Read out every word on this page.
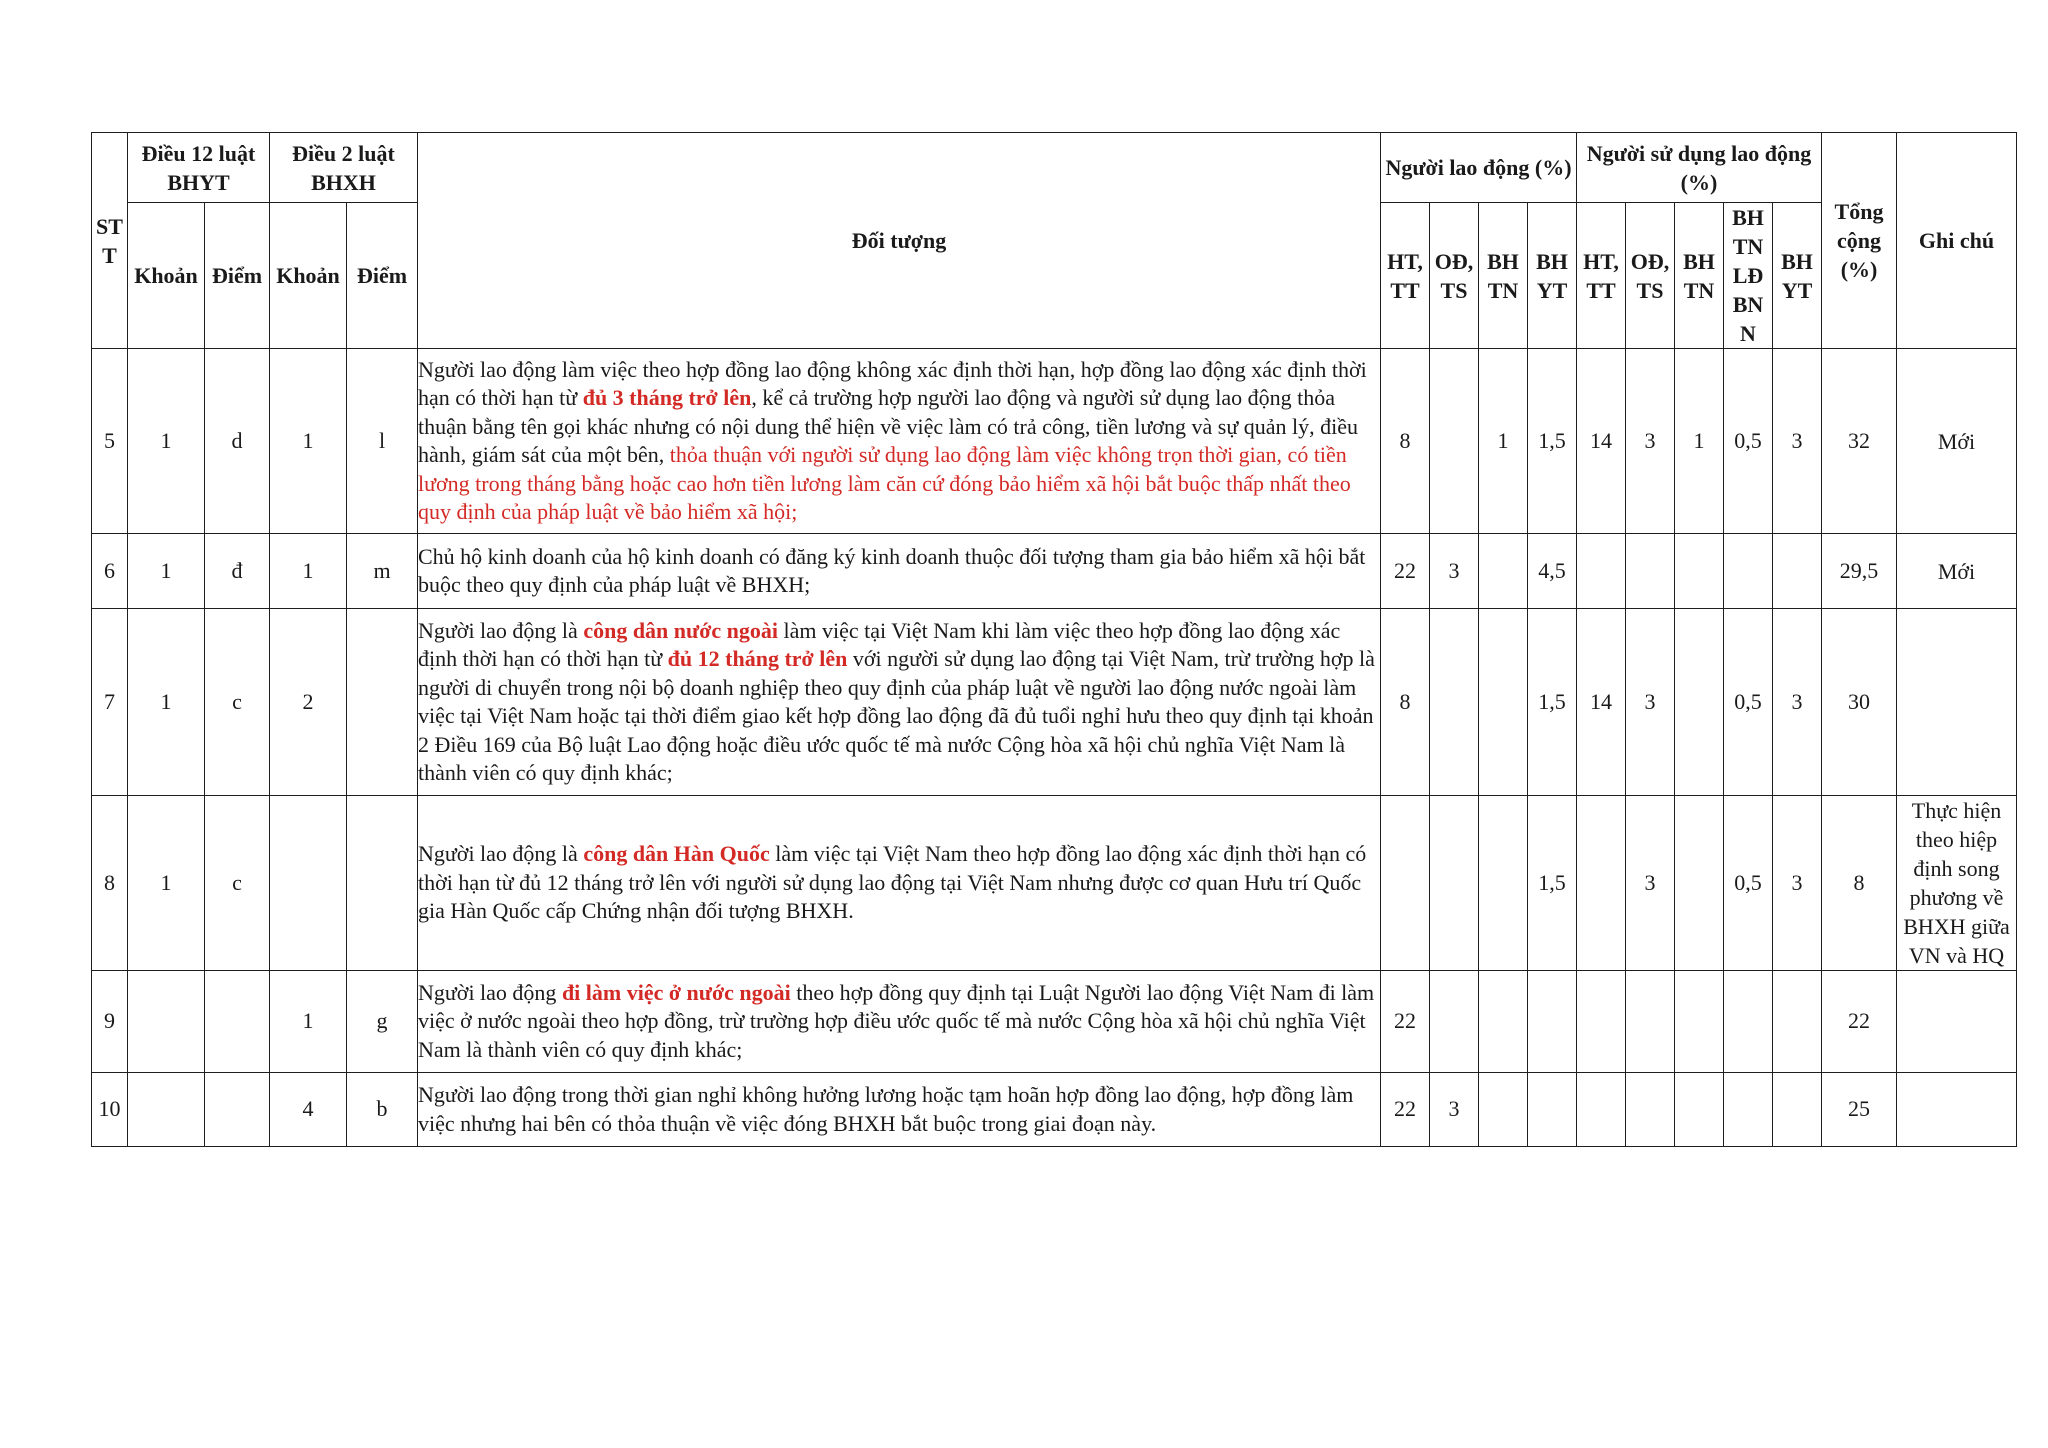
ST T	Điều 12 luật BHYT		Điều 2 luật BHXH		Đối tượng	Người lao động (%)				Người sử dụng lao động (%)					Tổng cộng (%)	Ghi chú
	Khoản	Điểm	Khoản	Điểm		HT, TT	OĐ, TS	BH TN	BH YT	HT, TT	OĐ, TS	BH TN	BH TN LĐ BN N	BH YT		
5	1	d	1	l	Người lao động làm việc theo hợp đồng lao động không xác định thời hạn, hợp đồng lao động xác định thời hạn có thời hạn từ đủ 3 tháng trở lên, kể cả trường hợp người lao động và người sử dụng lao động thỏa thuận bằng tên gọi khác nhưng có nội dung thể hiện về việc làm có trả công, tiền lương và sự quản lý, điều hành, giám sát của một bên, thỏa thuận với người sử dụng lao động làm việc không trọn thời gian, có tiền lương trong tháng bằng hoặc cao hơn tiền lương làm căn cứ đóng bảo hiểm xã hội bắt buộc thấp nhất theo quy định của pháp luật về bảo hiểm xã hội;	8		1	1,5	14	3	1	0,5	3	32	Mới
6	1	đ	1	m	Chủ hộ kinh doanh của hộ kinh doanh có đăng ký kinh doanh thuộc đối tượng tham gia bảo hiểm xã hội bắt buộc theo quy định của pháp luật về BHXH;	22	3		4,5						29,5	Mới
7	1	c	2		Người lao động là công dân nước ngoài làm việc tại Việt Nam khi làm việc theo hợp đồng lao động xác định thời hạn có thời hạn từ đủ 12 tháng trở lên với người sử dụng lao động tại Việt Nam, trừ trường hợp là người di chuyển trong nội bộ doanh nghiệp theo quy định của pháp luật về người lao động nước ngoài làm việc tại Việt Nam hoặc tại thời điểm giao kết hợp đồng lao động đã đủ tuổi nghỉ hưu theo quy định tại khoản 2 Điều 169 của Bộ luật Lao động hoặc điều ước quốc tế mà nước Cộng hòa xã hội chủ nghĩa Việt Nam là thành viên có quy định khác;	8			1,5	14	3		0,5	3	30	
8	1	c			Người lao động là công dân Hàn Quốc làm việc tại Việt Nam theo hợp đồng lao động xác định thời hạn có thời hạn từ đủ 12 tháng trở lên với người sử dụng lao động tại Việt Nam nhưng được cơ quan Hưu trí Quốc gia Hàn Quốc cấp Chứng nhận đối tượng BHXH.				1,5		3		0,5	3	8	Thực hiện theo hiệp định song phương về BHXH giữa VN và HQ
9			1	g	Người lao động đi làm việc ở nước ngoài theo hợp đồng quy định tại Luật Người lao động Việt Nam đi làm việc ở nước ngoài theo hợp đồng, trừ trường hợp điều ước quốc tế mà nước Cộng hòa xã hội chủ nghĩa Việt Nam là thành viên có quy định khác;	22									22	
10			4	b	Người lao động trong thời gian nghỉ không hưởng lương hoặc tạm hoãn hợp đồng lao động, hợp đồng làm việc nhưng hai bên có thỏa thuận về việc đóng BHXH bắt buộc trong giai đoạn này.	22	3								25	
